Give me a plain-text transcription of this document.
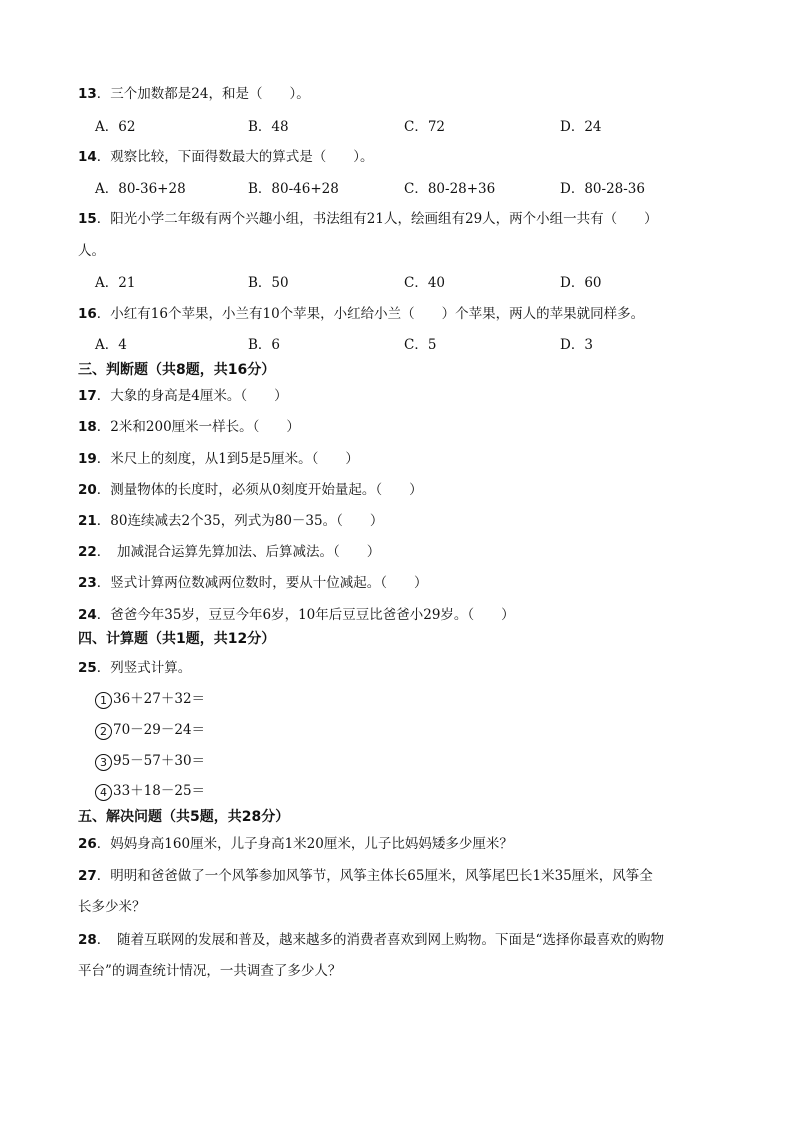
13．三个加数都是24，和是（　　）。
A．62	B．48	C．72	D．24
14．观察比较，下面得数最大的算式是（　　）。
A．80-36+28	B．80-46+28	C．80-28+36	D．80-28-36
15．阳光小学二年级有两个兴趣小组，书法组有21人，绘画组有29人，两个小组一共有（　　）
人。
A．21	B．50	C．40	D．60
16．小红有16个苹果，小兰有10个苹果，小红给小兰（　　）个苹果，两人的苹果就同样多。
A．4	B．6	C．5	D．3
三、判断题（共8题，共16分）
17．大象的身高是4厘米。（　　）
18．2米和200厘米一样长。（　　）
19．米尺上的刻度，从1到5是5厘米。（　　）
20．测量物体的长度时，必须从0刻度开始量起。（　　）
21．80连续减去2个35，列式为80－35。（　　）
22．　加减混合运算先算加法、后算减法。（　　）
23．竖式计算两位数减两位数时，要从十位减起。（　　）
24．爸爸今年35岁，豆豆今年6岁，10年后豆豆比爸爸小29岁。（　　）
四、计算题（共1题，共12分）
25．列竖式计算。
1 36＋27＋32＝
2 70－29－24＝
3 95－57＋30＝
4 33＋18－25＝
五、解决问题（共5题，共28分）
26．妈妈身高160厘米，儿子身高1米20厘米，儿子比妈妈矮多少厘米？
27．明明和爸爸做了一个风筝参加风筝节，风筝主体长65厘米，风筝尾巴长1米35厘米，风筝全
长多少米？
28．　随着互联网的发展和普及，越来越多的消费者喜欢到网上购物。下面是“选择你最喜欢的购物
平台”的调查统计情况，一共调查了多少人？
